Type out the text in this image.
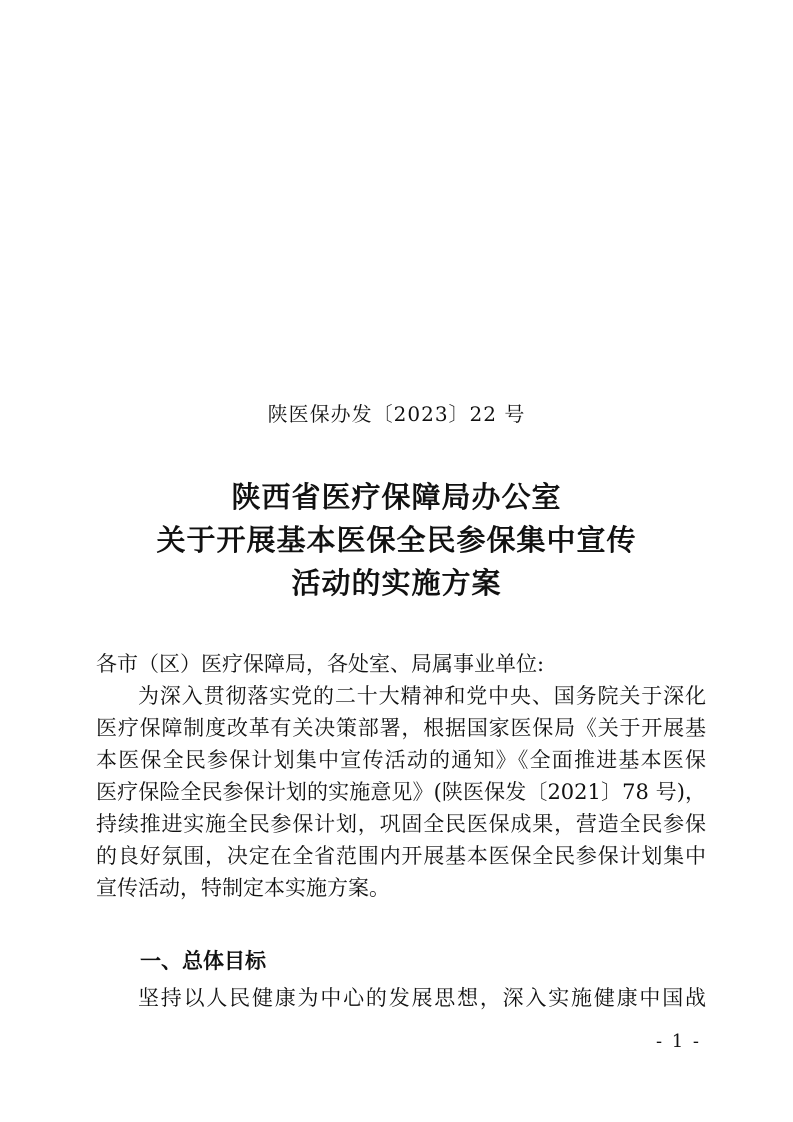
陕医保办发〔2023〕22 号
陕西省医疗保障局办公室
关于开展基本医保全民参保集中宣传
活动的实施方案
各市（区）医疗保障局，各处室、局属事业单位:
为深入贯彻落实党的二十大精神和党中央、国务院关于深化
医疗保障制度改革有关决策部署，根据国家医保局《关于开展基
本医保全民参保计划集中宣传活动的通知》《全面推进基本医保
医疗保险全民参保计划的实施意见》(陕医保发〔2021〕78 号)，
持续推进实施全民参保计划，巩固全民医保成果，营造全民参保
的良好氛围，决定在全省范围内开展基本医保全民参保计划集中
宣传活动，特制定本实施方案。
一、总体目标
坚持以人民健康为中心的发展思想，深入实施健康中国战
- 1 -
